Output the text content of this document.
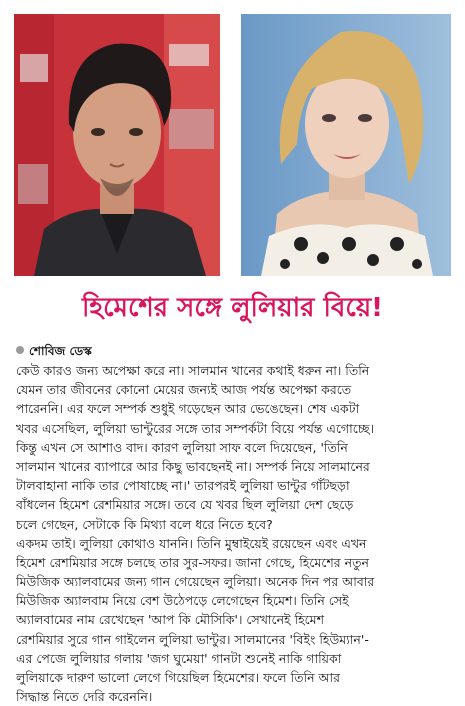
হিমেশের সঙ্গে লুলিয়ার বিয়ে!
শোবিজ ডেস্ক

কেউ কারও জন্য অপেক্ষা করে না। সালমান খানের কথাই ধরুন না। তিনি
যেমন তার জীবনের কোনো মেয়ের জন্যই আজ পর্যন্ত অপেক্ষা করতে
পারেননি। এর ফলে সম্পর্ক শুধুই গড়েছেন আর ভেঙেছেন। শেষ একটা
খবর এসেছিল, লুলিয়া ভান্টুরের সঙ্গে তার সম্পর্কটা বিয়ে পর্যন্ত এগোচ্ছে।
কিন্তু এখন সে আশাও বাদ। কারণ লুলিয়া সাফ বলে দিয়েছেন, 'তিনি
সালমান খানের ব্যাপারে আর কিছু ভাবছেনই না। সম্পর্ক নিয়ে সালমানের
টালবাহানা নাকি তার পোষাচ্ছে না।' তারপরই লুলিয়া ভান্টুর গাঁটছড়া
বাঁধলেন হিমেশ রেশমিয়ার সঙ্গে। তবে যে খবর ছিল লুলিয়া দেশ ছেড়ে
চলে গেছেন, সেটাকে কি মিথ্যা বলে ধরে নিতে হবে?

একদম তাই। লুলিয়া কোথাও যাননি। তিনি মুম্বাইয়েই রয়েছেন এবং এখন
হিমেশ রেশমিয়ার সঙ্গে চলছে তার সুর-সফর। জানা গেছে, হিমেশের নতুন
মিউজিক অ্যালবামের জন্য গান গেয়েছেন লুলিয়া। অনেক দিন পর আবার
মিউজিক অ্যালবাম নিয়ে বেশ উঠেপড়ে লেগেছেন হিমেশ। তিনি সেই
অ্যালবামের নাম রেখেছেন 'আপ কি মৌসিকি'। সেখানেই হিমেশ
রেশমিয়ার সুরে গান গাইলেন লুলিয়া ভান্টুর। সালমানের 'বিইং হিউম্যান'-
এর পেজে লুলিয়ার গলায় 'জগ ঘুমেয়া' গানটা শুনেই নাকি গায়িকা
লুলিয়াকে দারুণ ভালো লেগে গিয়েছিল হিমেশের। ফলে তিনি আর
সিদ্ধান্ত নিতে দেরি করেননি।
